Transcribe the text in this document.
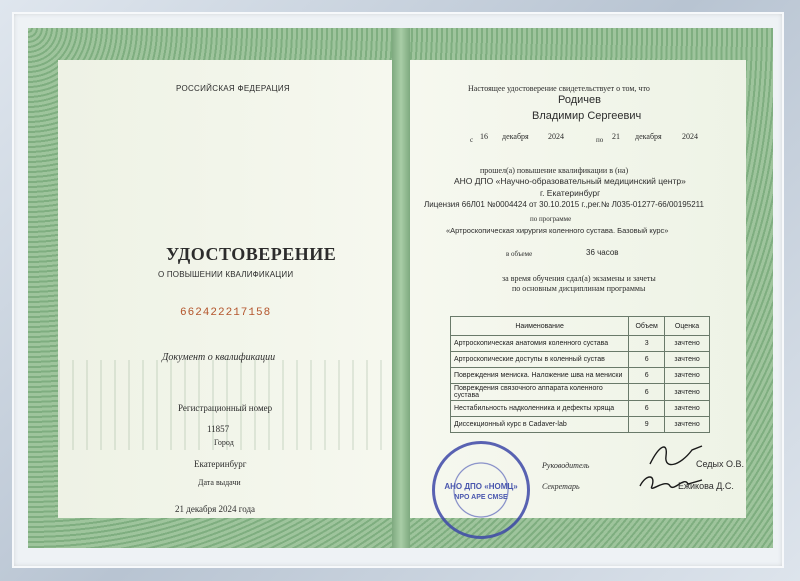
РОССИЙСКАЯ ФЕДЕРАЦИЯ
УДОСТОВЕРЕНИЕ
О ПОВЫШЕНИИ КВАЛИФИКАЦИИ
662422217158
Документ о квалификации
Регистрационный номер
11857
Город
Екатеринбург
Дата выдачи
21 декабря 2024 года
Настоящее удостоверение свидетельствует о том, что
Родичев
Владимир Сергеевич
с 16 декабря 2024	по 21 декабря	2024
прошел(а) повышение квалификации в (на)
АНО ДПО «Научно-образовательный медицинский центр»
г. Екатеринбург
Лицензия 66Л01 №0004424 от 30.10.2015 г.,рег.№ Л035-01277-66/00195211
по программе
«Артроскопическая хирургия коленного сустава. Базовый курс»
в объеме	36 часов
за время обучения сдал(а) экзамены и зачеты
по основным дисциплинам программы
Наименование	Объем	Оценка
Артроскопическая анатомия коленного сустава	3	зачтено
Артроскопические доступы в коленный сустав	6	зачтено
Повреждения мениска. Наложение шва на мениски	6	зачтено
Повреждения связочного аппарата коленного сустава	6	зачтено
Нестабильность надколенника и дефекты хряща	6	зачтено
Диссекционный курс в Cadaver-lab	9	зачтено
АНО ДПО «НОМЦ»
NPO APE CMSE
Руководитель	Седых О.В.
Секретарь	Ежикова Д.С.
